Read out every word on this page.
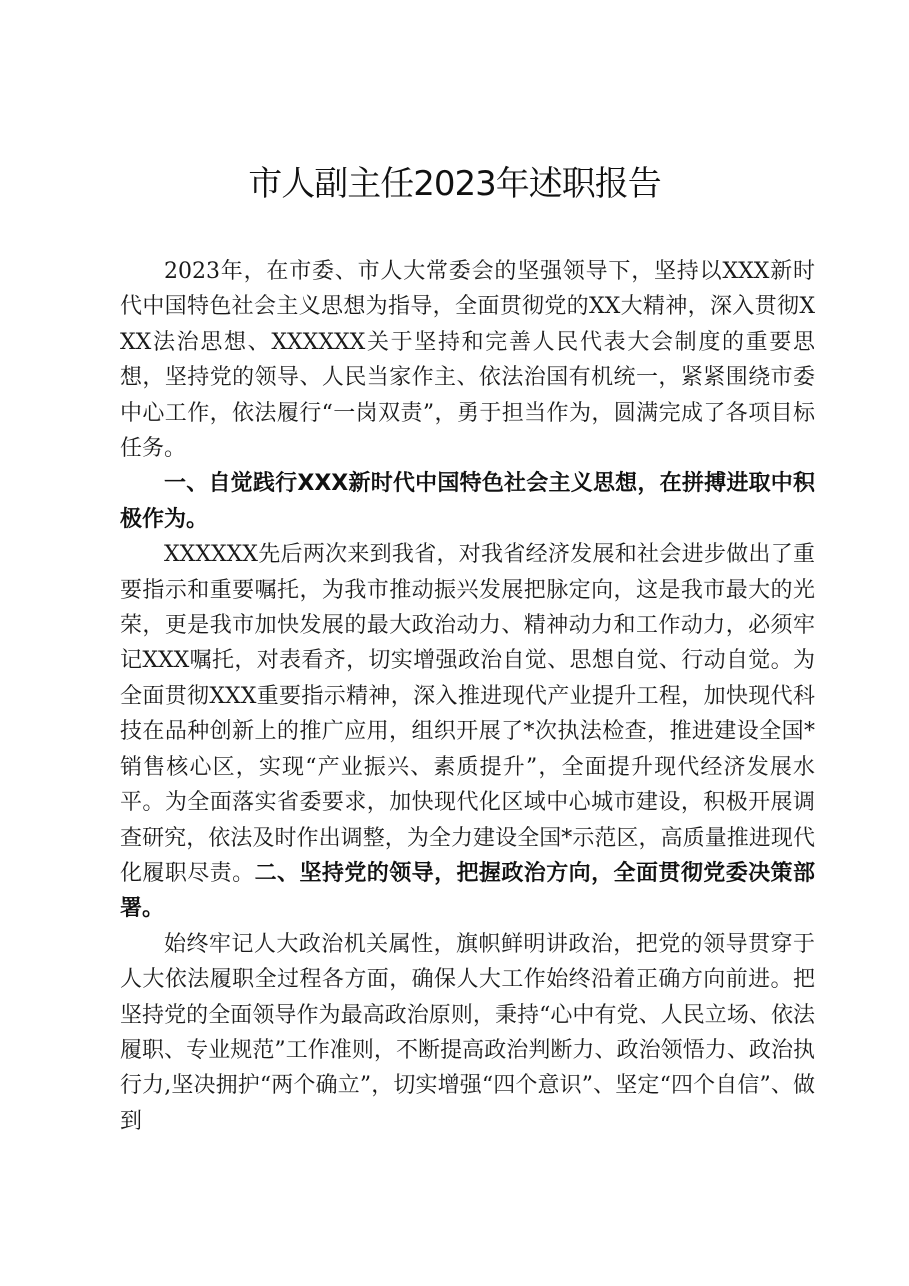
市人副主任2023年述职报告

2023年，在市委、市人大常委会的坚强领导下，坚持以XXX新时代中国特色社会主义思想为指导，全面贯彻党的XX大精神，深入贯彻XXX法治思想、XXXXXX关于坚持和完善人民代表大会制度的重要思想，坚持党的领导、人民当家作主、依法治国有机统一，紧紧围绕市委中心工作，依法履行“一岗双责”，勇于担当作为，圆满完成了各项目标任务。

一、自觉践行XXX新时代中国特色社会主义思想，在拼搏进取中积极作为。

XXXXXX先后两次来到我省，对我省经济发展和社会进步做出了重要指示和重要嘱托，为我市推动振兴发展把脉定向，这是我市最大的光荣，更是我市加快发展的最大政治动力、精神动力和工作动力，必须牢记XXX嘱托，对表看齐，切实增强政治自觉、思想自觉、行动自觉。为全面贯彻XXX重要指示精神，深入推进现代产业提升工程，加快现代科技在品种创新上的推广应用，组织开展了*次执法检查，推进建设全国*销售核心区，实现“产业振兴、素质提升”，全面提升现代经济发展水平。为全面落实省委要求，加快现代化区域中心城市建设，积极开展调查研究，依法及时作出调整，为全力建设全国*示范区，高质量推进现代化履职尽责。二、坚持党的领导，把握政治方向，全面贯彻党委决策部署。

始终牢记人大政治机关属性，旗帜鲜明讲政治，把党的领导贯穿于人大依法履职全过程各方面，确保人大工作始终沿着正确方向前进。把坚持党的全面领导作为最高政治原则，秉持“心中有党、人民立场、依法履职、专业规范”工作准则，不断提高政治判断力、政治领悟力、政治执行力,坚决拥护“两个确立”，切实增强“四个意识”、坚定“四个自信”、做到
